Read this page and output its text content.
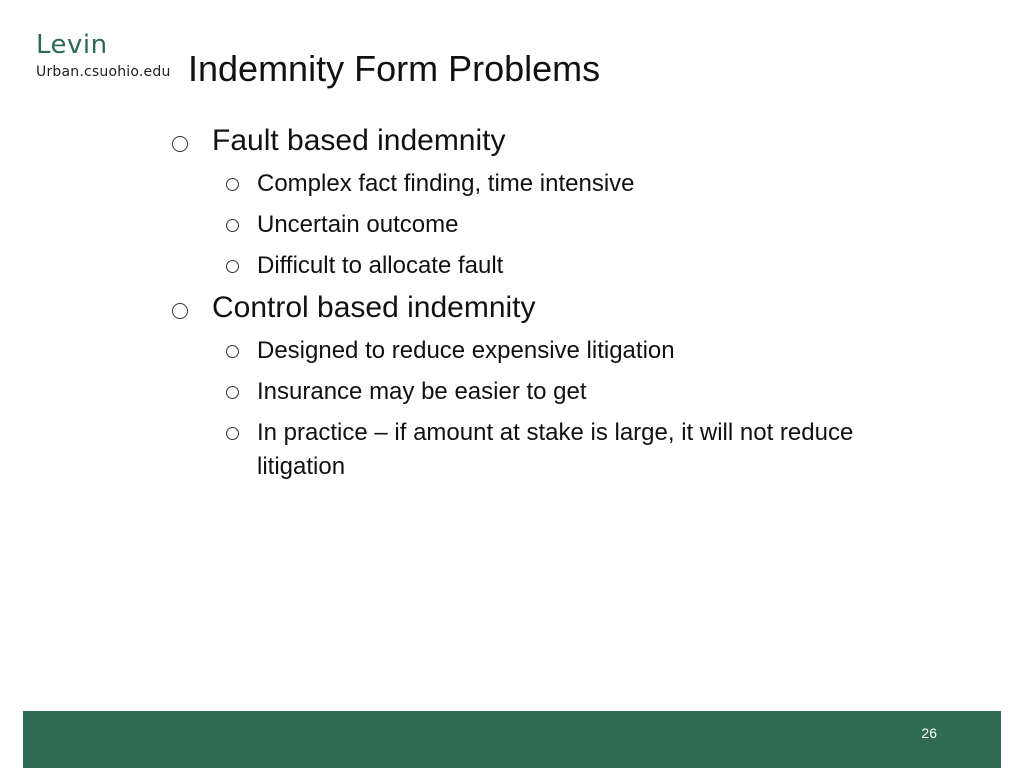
Levin
Urban.csuohio.edu Indemnity Form Problems
Fault based indemnity
Complex fact finding, time intensive
Uncertain outcome
Difficult to allocate fault
Control based indemnity
Designed to reduce expensive litigation
Insurance may be easier to get
In practice – if amount at stake is large, it will not reduce litigation
26
